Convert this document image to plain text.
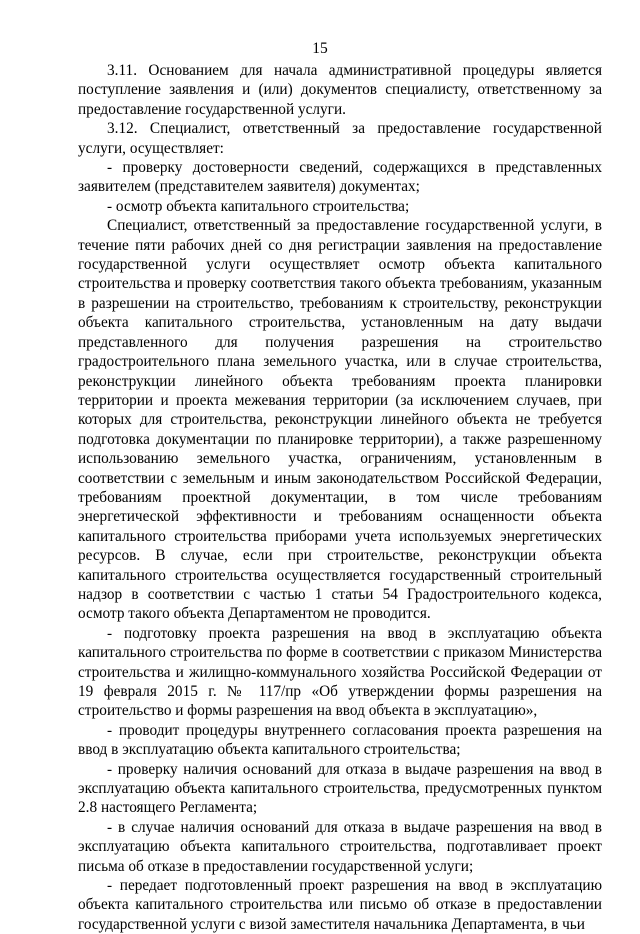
15

3.11. Основанием для начала административной процедуры является поступление заявления и (или) документов специалисту, ответственному за предоставление государственной услуги.

3.12. Специалист, ответственный за предоставление государственной услуги, осуществляет:

- проверку достоверности сведений, содержащихся в представленных заявителем (представителем заявителя) документах;

- осмотр объекта капитального строительства;

Специалист, ответственный за предоставление государственной услуги, в течение пяти рабочих дней со дня регистрации заявления на предоставление государственной услуги осуществляет осмотр объекта капитального строительства и проверку соответствия такого объекта требованиям, указанным в разрешении на строительство, требованиям к строительству, реконструкции объекта капитального строительства, установленным на дату выдачи представленного для получения разрешения на строительство градостроительного плана земельного участка, или в случае строительства, реконструкции линейного объекта требованиям проекта планировки территории и проекта межевания территории (за исключением случаев, при которых для строительства, реконструкции линейного объекта не требуется подготовка документации по планировке территории), а также разрешенному использованию земельного участка, ограничениям, установленным в соответствии с земельным и иным законодательством Российской Федерации, требованиям проектной документации, в том числе требованиям энергетической эффективности и требованиям оснащенности объекта капитального строительства приборами учета используемых энергетических ресурсов. В случае, если при строительстве, реконструкции объекта капитального строительства осуществляется государственный строительный надзор в соответствии с частью 1 статьи 54 Градостроительного кодекса, осмотр такого объекта Департаментом не проводится.

- подготовку проекта разрешения на ввод в эксплуатацию объекта капитального строительства по форме в соответствии с приказом Министерства строительства и жилищно-коммунального хозяйства Российской Федерации от 19 февраля 2015 г. № 117/пр «Об утверждении формы разрешения на строительство и формы разрешения на ввод объекта в эксплуатацию»,

- проводит процедуры внутреннего согласования проекта разрешения на ввод в эксплуатацию объекта капитального строительства;

- проверку наличия оснований для отказа в выдаче разрешения на ввод в эксплуатацию объекта капитального строительства, предусмотренных пунктом 2.8 настоящего Регламента;

- в случае наличия оснований для отказа в выдаче разрешения на ввод в эксплуатацию объекта капитального строительства, подготавливает проект письма об отказе в предоставлении государственной услуги;

- передает подготовленный проект разрешения на ввод в эксплуатацию объекта капитального строительства или письмо об отказе в предоставлении государственной услуги с визой заместителя начальника Департамента, в чьи
